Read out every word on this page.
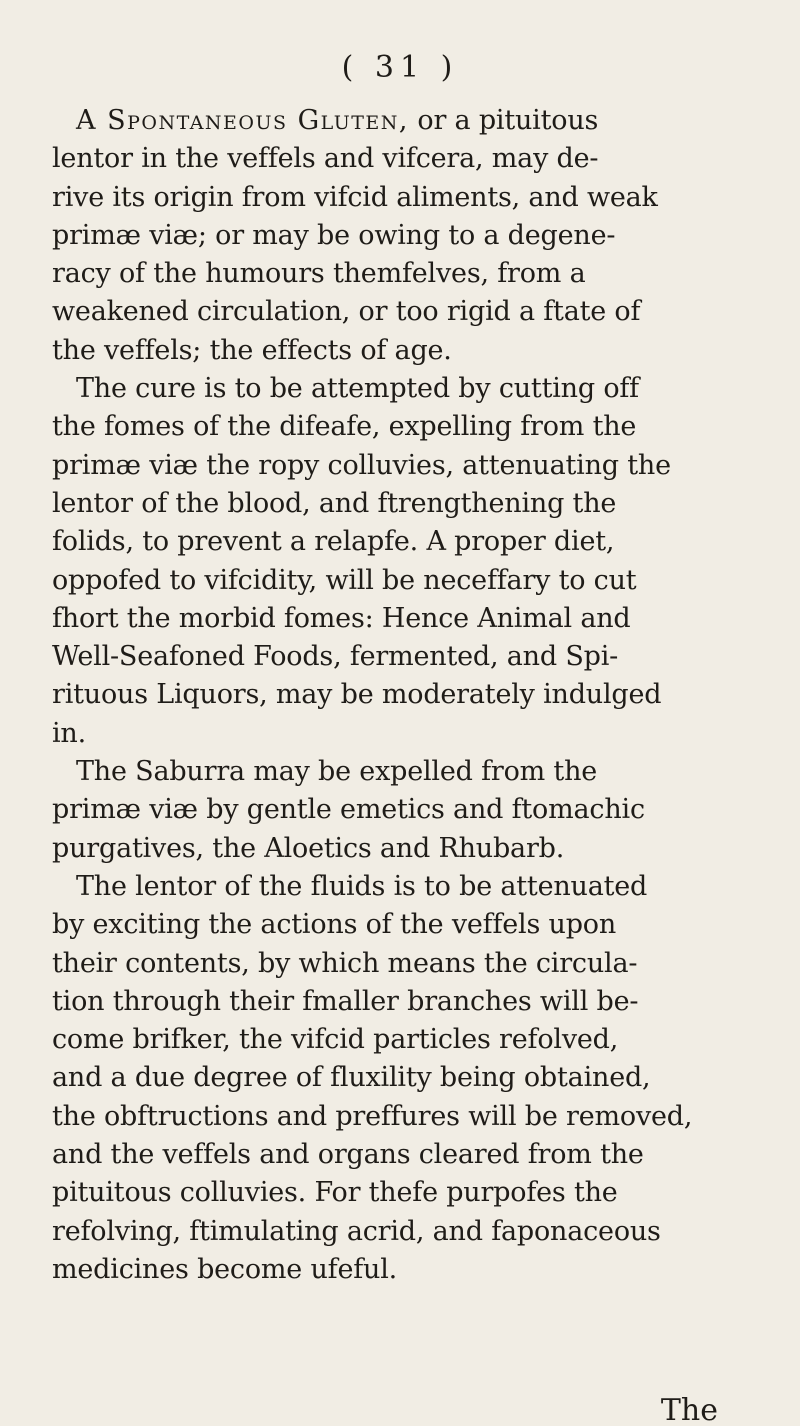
( 31 )
A Spontaneous Gluten, or a pituitous
lentor in the veffels and vifcera, may de-
rive its origin from vifcid aliments, and weak
primæ viæ; or may be owing to a degene-
racy of the humours themfelves, from a
weakened circulation, or too rigid a ftate of
the veffels; the effects of age.
The cure is to be attempted by cutting off
the fomes of the difeafe, expelling from the
primæ viæ the ropy colluvies, attenuating the
lentor of the blood, and ftrengthening the
folids, to prevent a relapfe. A proper diet,
oppofed to vifcidity, will be neceffary to cut
fhort the morbid fomes: Hence Animal and
Well-Seafoned Foods, fermented, and Spi-
rituous Liquors, may be moderately indulged
in.
The Saburra may be expelled from the
primæ viæ by gentle emetics and ftomachic
purgatives, the Aloetics and Rhubarb.
The lentor of the fluids is to be attenuated
by exciting the actions of the veffels upon
their contents, by which means the circula-
tion through their fmaller branches will be-
come brifker, the vifcid particles refolved,
and a due degree of fluxility being obtained,
the obftructions and preffures will be removed,
and the veffels and organs cleared from the
pituitous colluvies. For thefe purpofes the
refolving, ftimulating acrid, and faponaceous
medicines become ufeful.
The
